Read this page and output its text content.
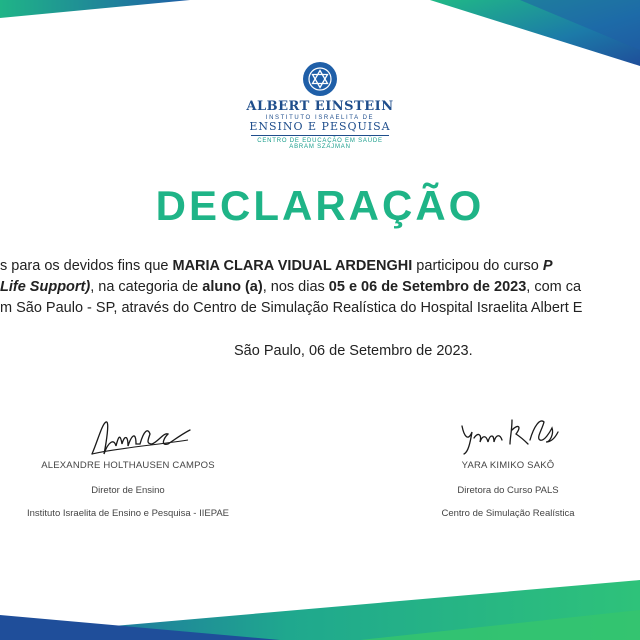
ALBERT EINSTEIN
INSTITUTO ISRAELITA DE
ENSINO E PESQUISA
CENTRO DE EDUCAÇÃO EM SAÚDE
ABRAM SZAJMAN
DECLARAÇÃO
s para os devidos fins que MARIA CLARA VIDUAL ARDENGHI participou do curso P
Life Support), na categoria de aluno (a), nos dias 05 e 06 de Setembro de 2023, com ca
m São Paulo - SP, através do Centro de Simulação Realística do Hospital Israelita Albert E
São Paulo, 06 de Setembro de 2023.
ALEXANDRE HOLTHAUSEN CAMPOS
Diretor de Ensino
Instituto Israelita de Ensino e Pesquisa - IIEPAE
YARA KIMIKO SAKÔ
Diretora do Curso PALS
Centro de Simulação Realística
